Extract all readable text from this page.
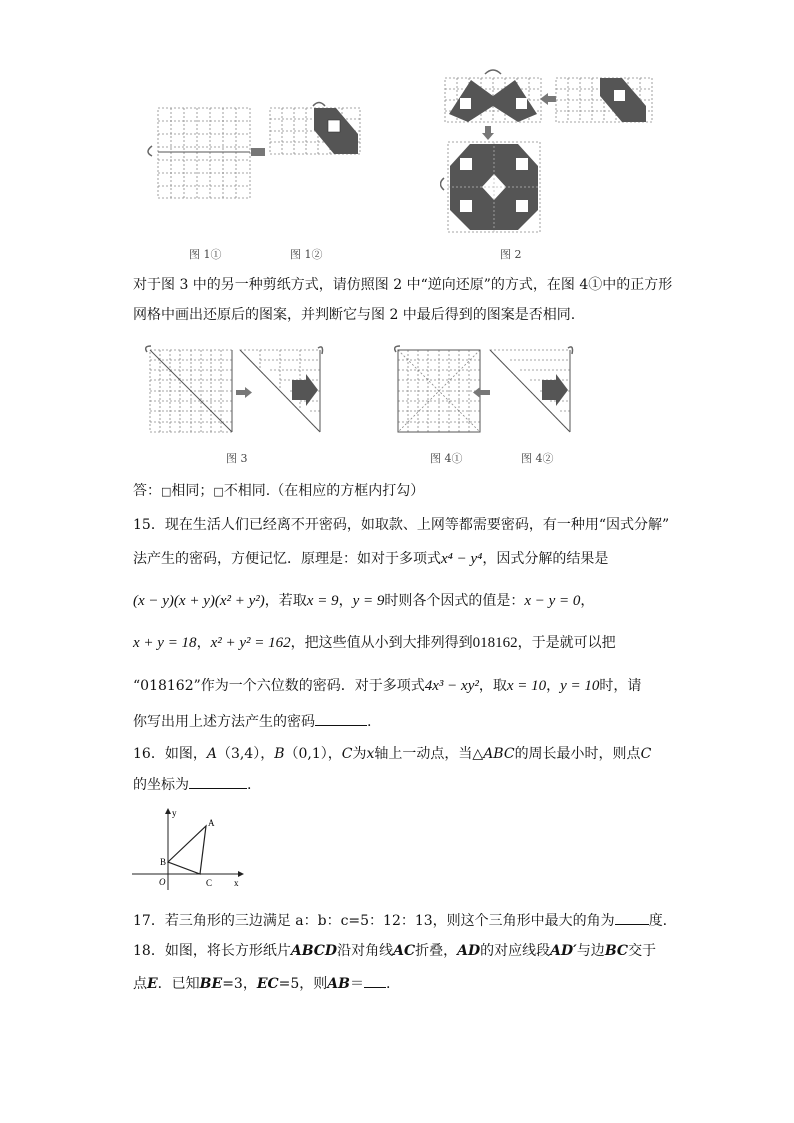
图 1①	图 1②	图 2
对于图 3 中的另一种剪纸方式，请仿照图 2 中“逆向还原”的方式，在图 4①中的正方形
网格中画出还原后的图案，并判断它与图 2 中最后得到的图案是否相同.
图 3	图 4①	图 4②
答：□相同；□不相同.（在相应的方框内打勾）
15．现在生活人们已经离不开密码，如取款、上网等都需要密码，有一种用“因式分解”
法产生的密码，方便记忆．原理是：如对于多项式x⁴ − y⁴，因式分解的结果是
(x − y)(x + y)(x² + y²)，若取x = 9，y = 9时则各个因式的值是：x − y = 0，
x + y = 18，x² + y² = 162，把这些值从小到大排列得到018162，于是就可以把
“018162”作为一个六位数的密码．对于多项式4x³ − xy²，取x = 10，y = 10时，请
你写出用上述方法产生的密码	.
16．如图，A（3,4），B（0,1），C为x轴上一动点，当△ABC的周长最小时，则点C
的坐标为	.
y
x
A
B
C
O
17．若三角形的三边满足 a：b：c=5：12：13，则这个三角形中最大的角为 度.
18．如图，将长方形纸片ABCD沿对角线AC折叠，AD的对应线段AD′与边BC交于
点E．已知BE=3，EC=5，则AB＝ .
